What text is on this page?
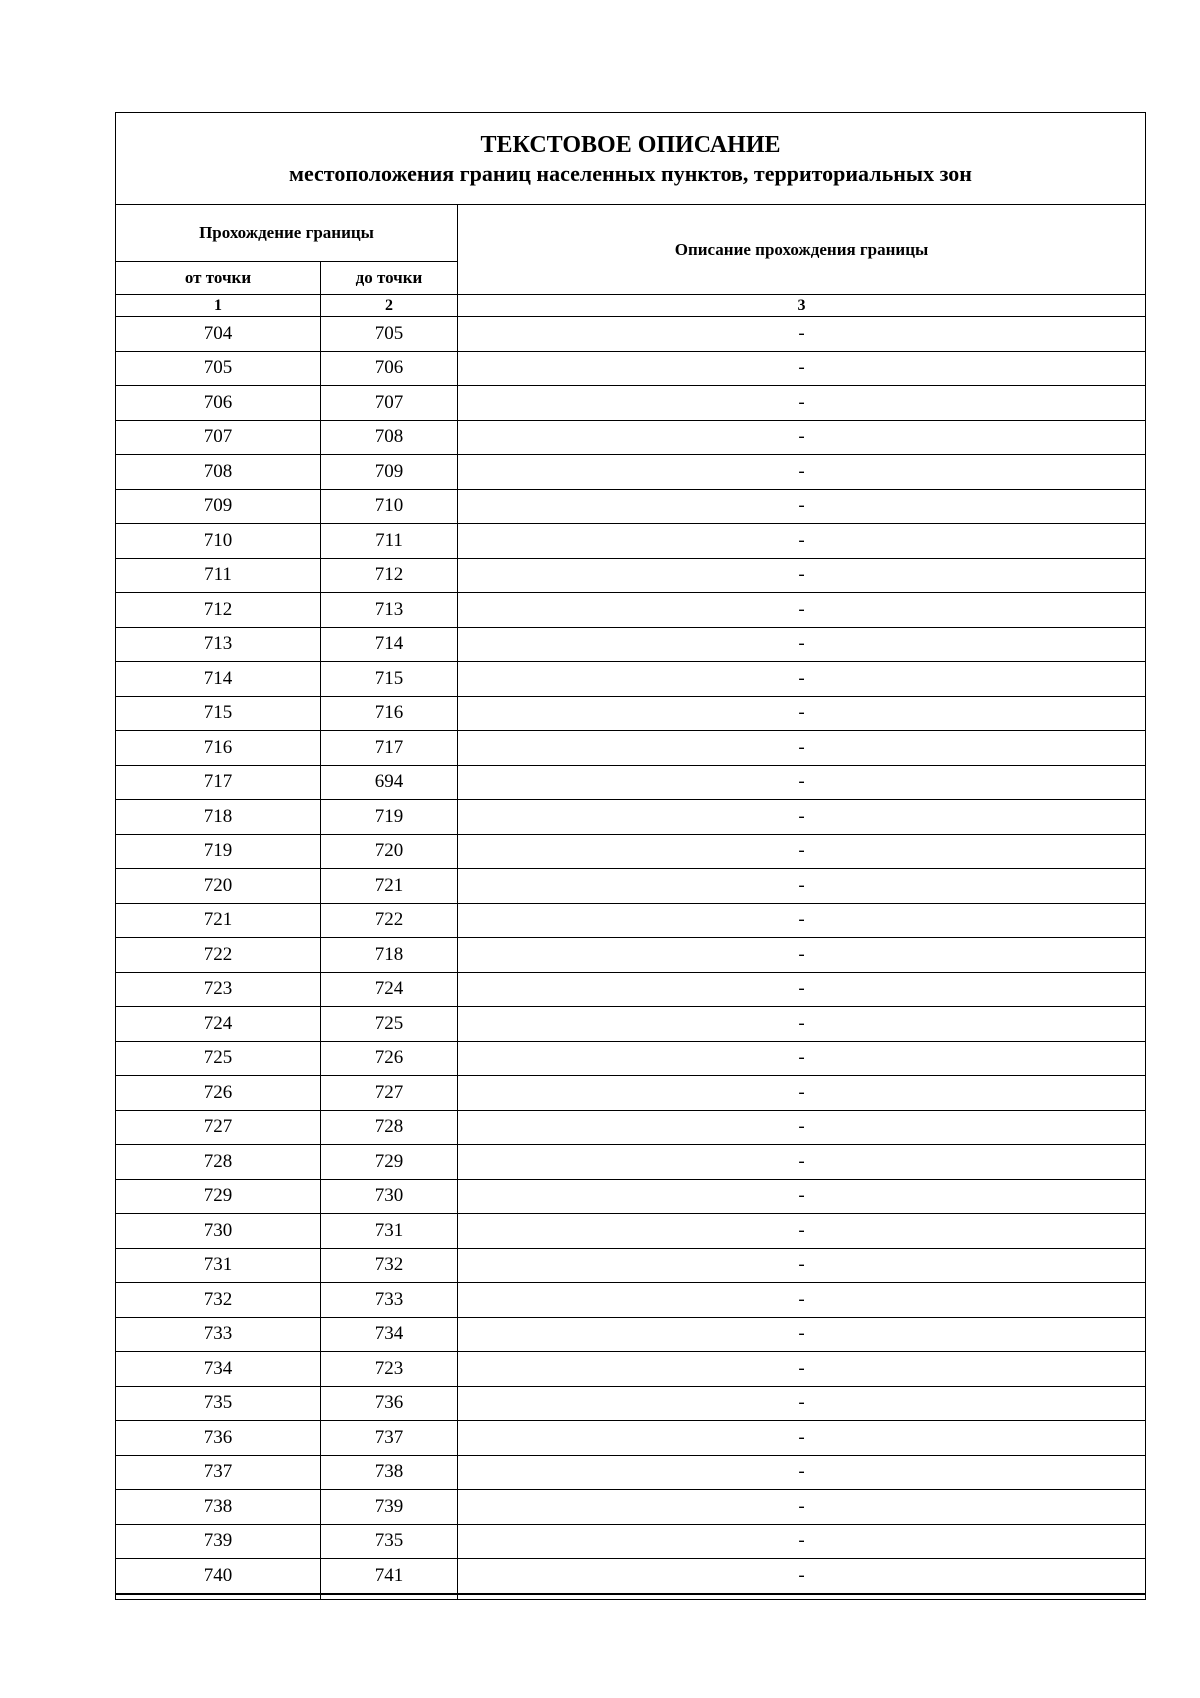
ТЕКСТОВОЕ ОПИСАНИЕ
местоположения границ населенных пунктов, территориальных зон		

Прохождение границы		Описание прохождения границы
от точки	до точки	
1	2	3
704	705	-
705	706	-
706	707	-
707	708	-
708	709	-
709	710	-
710	711	-
711	712	-
712	713	-
713	714	-
714	715	-
715	716	-
716	717	-
717	694	-
718	719	-
719	720	-
720	721	-
721	722	-
722	718	-
723	724	-
724	725	-
725	726	-
726	727	-
727	728	-
728	729	-
729	730	-
730	731	-
731	732	-
732	733	-
733	734	-
734	723	-
735	736	-
736	737	-
737	738	-
738	739	-
739	735	-
740	741	-
